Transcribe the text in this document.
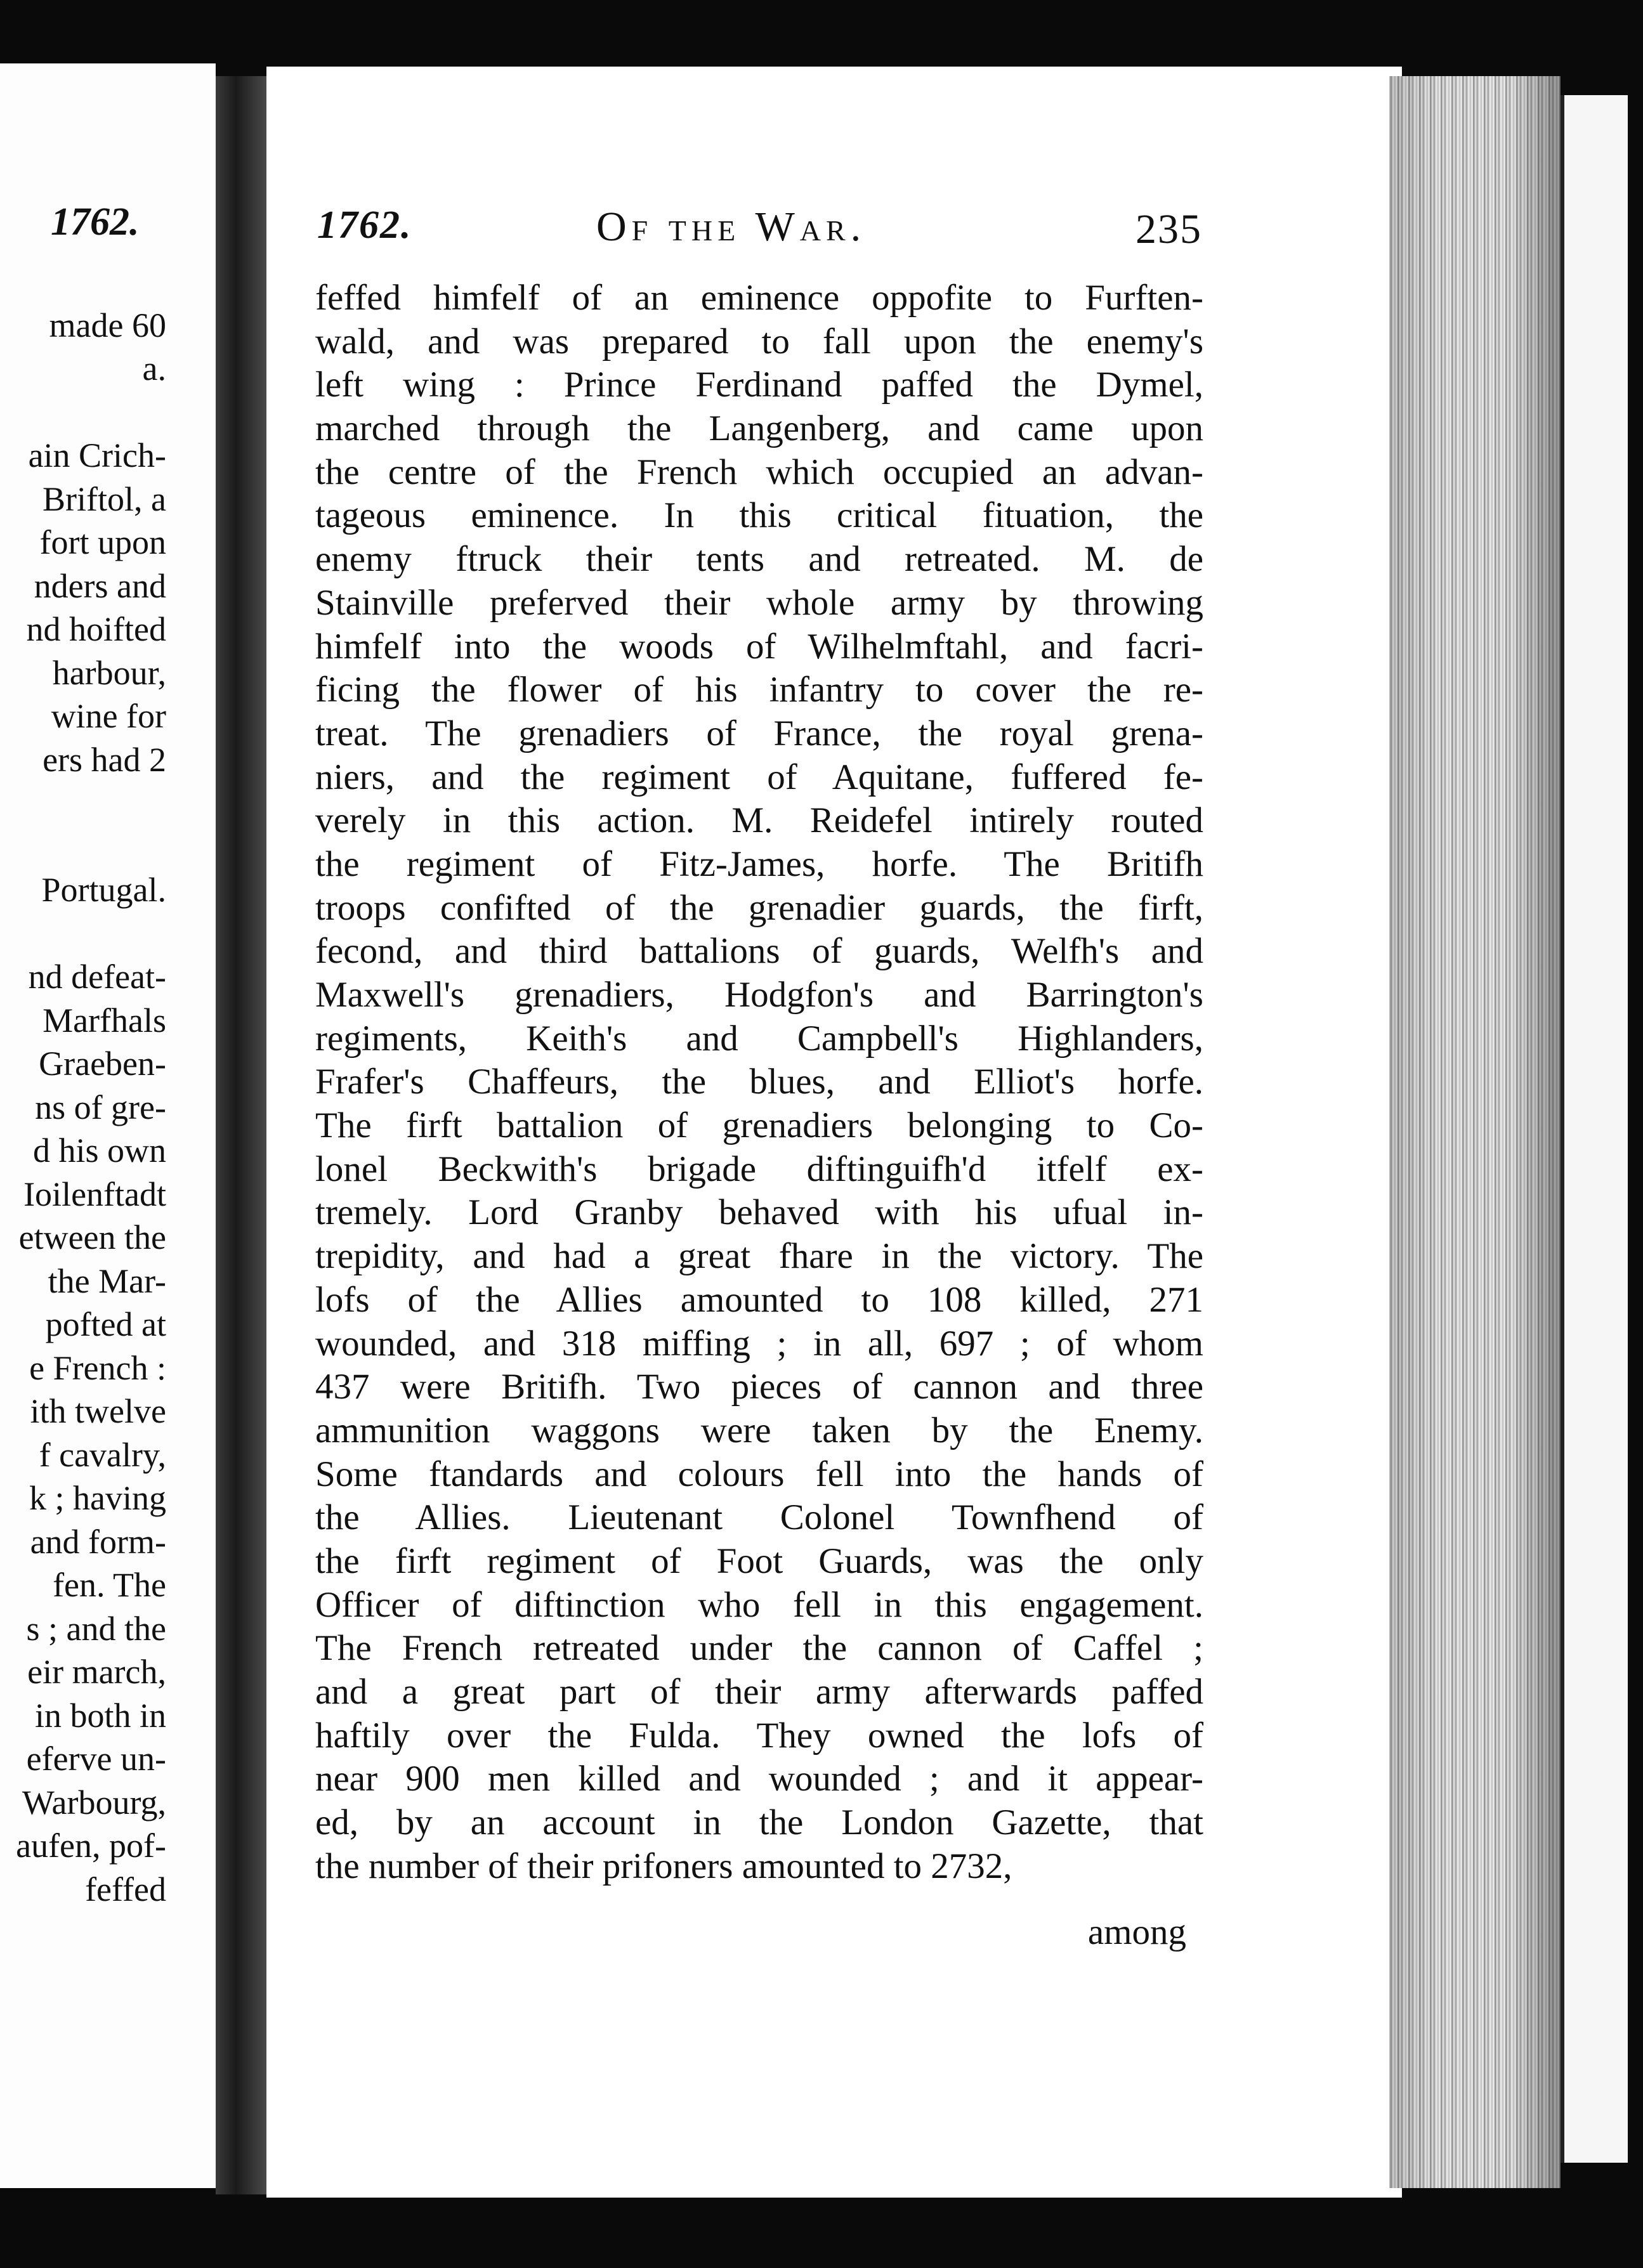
1762.
made 60
a.
ain Crich-
Briftol, a
fort upon
nders and
nd hoifted
harbour,
wine for
ers had 2
Portugal.
nd defeat-
Marfhals
Graeben-
ns of gre-
d his own
Ioilenftadt
etween the
the Mar-
pofted at
e French :
ith twelve
f cavalry,
k ; having
and form-
fen. The
s ; and the
eir march,
in both in
eferve un-
Warbourg,
aufen, pof-
feffed
1762.	Of the War.	235
feffed himfelf of an eminence oppofite to Furften-
wald, and was prepared to fall upon the enemy's
left wing : Prince Ferdinand paffed the Dymel,
marched through the Langenberg, and came upon
the centre of the French which occupied an advan-
tageous eminence. In this critical fituation, the
enemy ftruck their tents and retreated. M. de
Stainville preferved their whole army by throwing
himfelf into the woods of Wilhelmftahl, and facri-
ficing the flower of his infantry to cover the re-
treat. The grenadiers of France, the royal grena-
niers, and the regiment of Aquitane, fuffered fe-
verely in this action. M. Reidefel intirely routed
the regiment of Fitz-James, horfe. The Britifh
troops confifted of the grenadier guards, the firft,
fecond, and third battalions of guards, Welfh's and
Maxwell's grenadiers, Hodgfon's and Barrington's
regiments, Keith's and Campbell's Highlanders,
Frafer's Chaffeurs, the blues, and Elliot's horfe.
The firft battalion of grenadiers belonging to Co-
lonel Beckwith's brigade diftinguifh'd itfelf ex-
tremely. Lord Granby behaved with his ufual in-
trepidity, and had a great fhare in the victory. The
lofs of the Allies amounted to 108 killed, 271
wounded, and 318 miffing ; in all, 697 ; of whom
437 were Britifh. Two pieces of cannon and three
ammunition waggons were taken by the Enemy.
Some ftandards and colours fell into the hands of
the Allies. Lieutenant Colonel Townfhend of
the firft regiment of Foot Guards, was the only
Officer of diftinction who fell in this engagement.
The French retreated under the cannon of Caffel ;
and a great part of their army afterwards paffed
haftily over the Fulda. They owned the lofs of
near 900 men killed and wounded ; and it appear-
ed, by an account in the London Gazette, that
the number of their prifoners amounted to 2732,
among
